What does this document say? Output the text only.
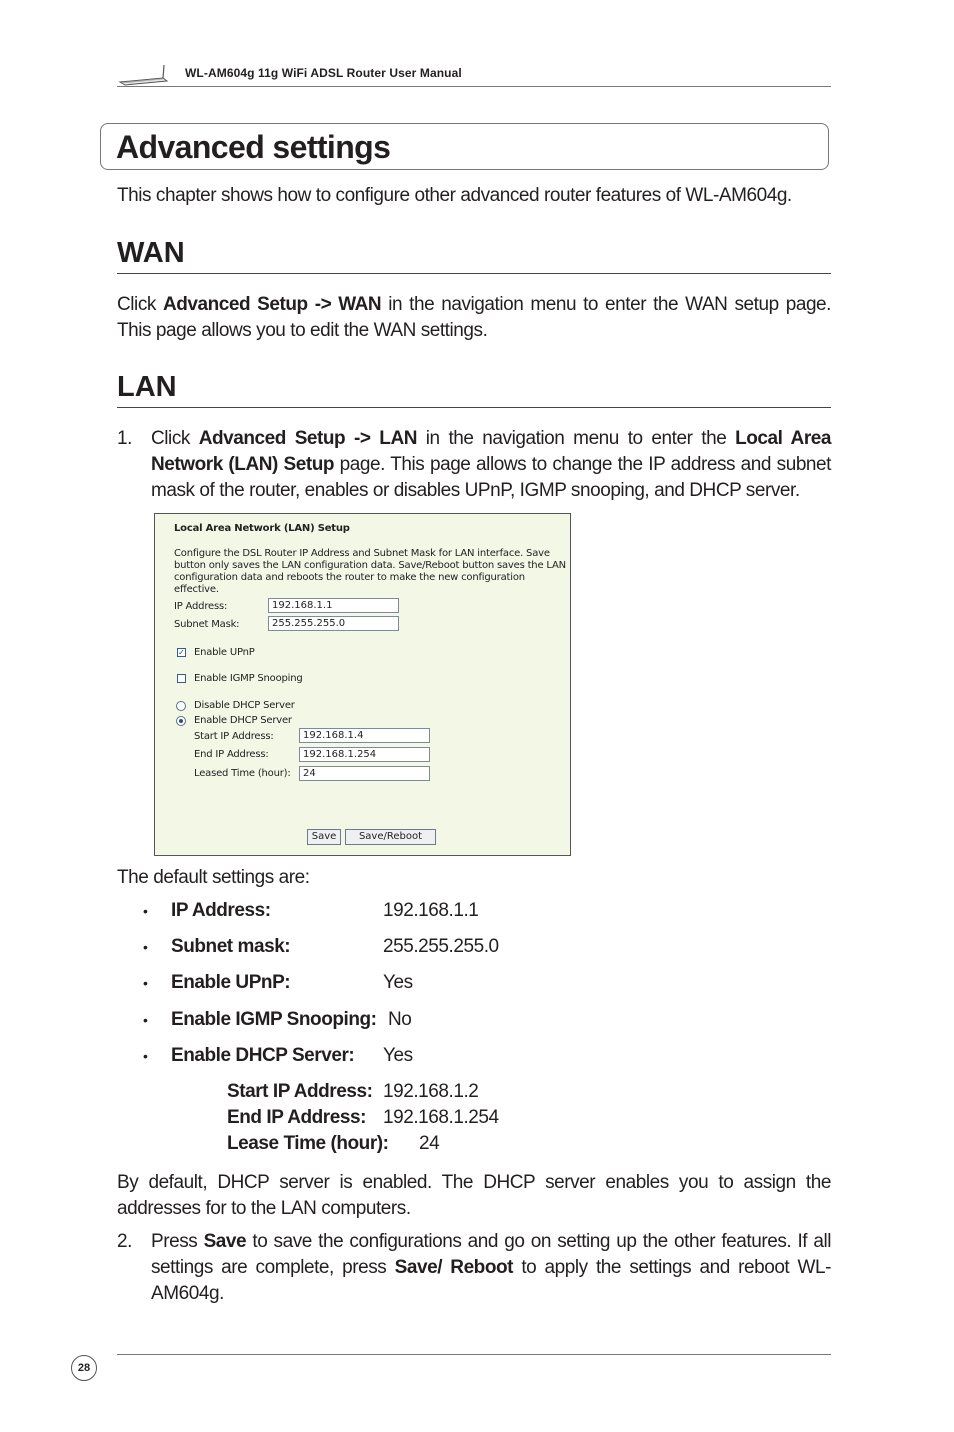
WL-AM604g 11g WiFi ADSL Router User Manual
Advanced settings
This chapter shows how to configure other advanced router features of WL-AM604g.
WAN
Click Advanced Setup -> WAN in the navigation menu to enter the WAN setup page.
This page allows you to edit the WAN settings.
LAN
1. Click Advanced Setup -> LAN in the navigation menu to enter the Local Area
Network (LAN) Setup page. This page allows to change the IP address and subnet
mask of the router, enables or disables UPnP, IGMP snooping, and DHCP server.
Local Area Network (LAN) Setup
Configure the DSL Router IP Address and Subnet Mask for LAN interface. Save
button only saves the LAN configuration data. Save/Reboot button saves the LAN
configuration data and reboots the router to make the new configuration effective.
IP Address:	192.168.1.1
Subnet Mask:	255.255.255.0
✓ Enable UPnP
Enable IGMP Snooping
Disable DHCP Server
Enable DHCP Server
Start IP Address:	192.168.1.4
End IP Address:	192.168.1.254
Leased Time (hour):	24
Save	Save/Reboot
The default settings are:
• IP Address:	192.168.1.1
• Subnet mask:	255.255.255.0
• Enable UPnP:	Yes
• Enable IGMP Snooping: No
• Enable DHCP Server: Yes
Start IP Address: 192.168.1.2
End IP Address: 192.168.1.254
Lease Time (hour): 24
By default, DHCP server is enabled. The DHCP server enables you to assign the
addresses for to the LAN computers.
2. Press Save to save the configurations and go on setting up the other features. If all
settings are complete, press Save/ Reboot to apply the settings and reboot WL-
AM604g.
28
